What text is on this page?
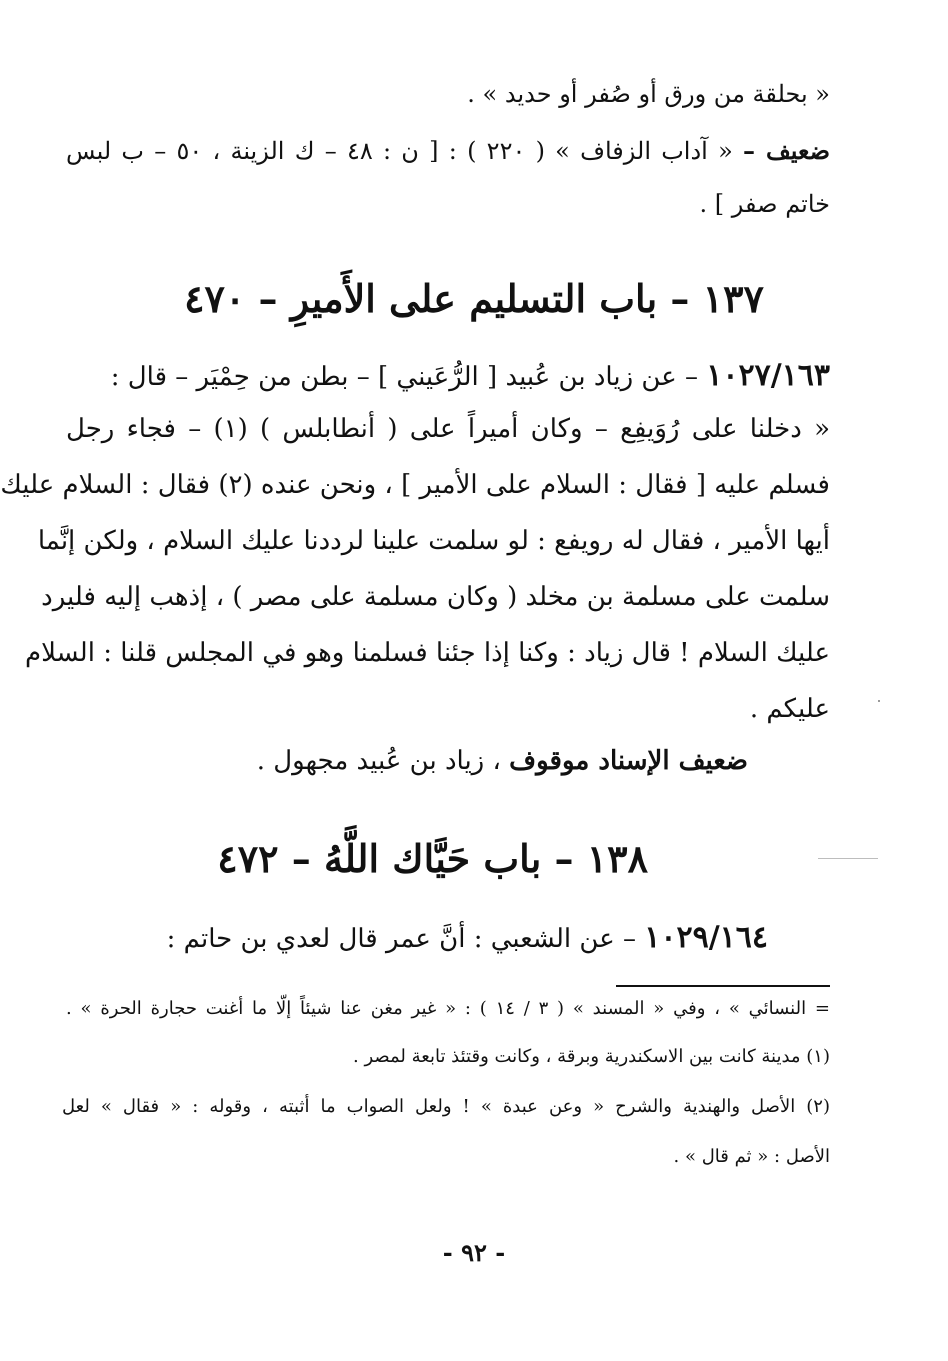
« بحلقة من ورق أو صُفر أو حديد » .
ضعيف – « آداب الزفاف » ( ٢٢٠ ) : [ ن : ٤٨ – ك الزينة ، ٥٠ – ب لبس
خاتم صفر ] .
١٣٧ – باب التسليم على الأَميرِ – ٤٧٠
١٠٢٧/١٦٣ – عن زياد بن عُبيد [ الرُّعَيني ] – بطن من حِمْيَر – قال :
« دخلنا على رُوَيفِع – وكان أميراً على ( أنطابلس ) (١) – فجاء رجل
فسلم عليه [ فقال : السلام على الأمير ] ، ونحن عنده (٢) فقال : السلام عليك
أيها الأمير ، فقال له رويفع : لو سلمت علينا لرددنا عليك السلام ، ولكن إنَّما
سلمت على مسلمة بن مخلد ( وكان مسلمة على مصر ) ، إذهب إليه فليرد
عليك السلام ! قال زياد : وكنا إذا جئنا فسلمنا وهو في المجلس قلنا : السلام
عليكم .
ضعيف الإسناد موقوف ، زياد بن عُبيد مجهول .
١٣٨ – باب حَيَّاك اللَّهُ – ٤٧٢
١٠٢٩/١٦٤ – عن الشعبي : أنَّ عمر قال لعدي بن حاتم :
= النسائي » ، وفي « المسند » ( ٣ / ١٤ ) : « غير مغن عنا شيئاً إلّا ما أغنت حجارة الحرة » .
(١) مدينة كانت بين الاسكندرية وبرقة ، وكانت وقتئذ تابعة لمصر .
(٢) الأصل والهندية والشرح « وعن عبدة » ! ولعل الصواب ما أثبته ، وقوله : « فقال » لعل
الأصل : « ثم قال » .
- ٩٢ -
